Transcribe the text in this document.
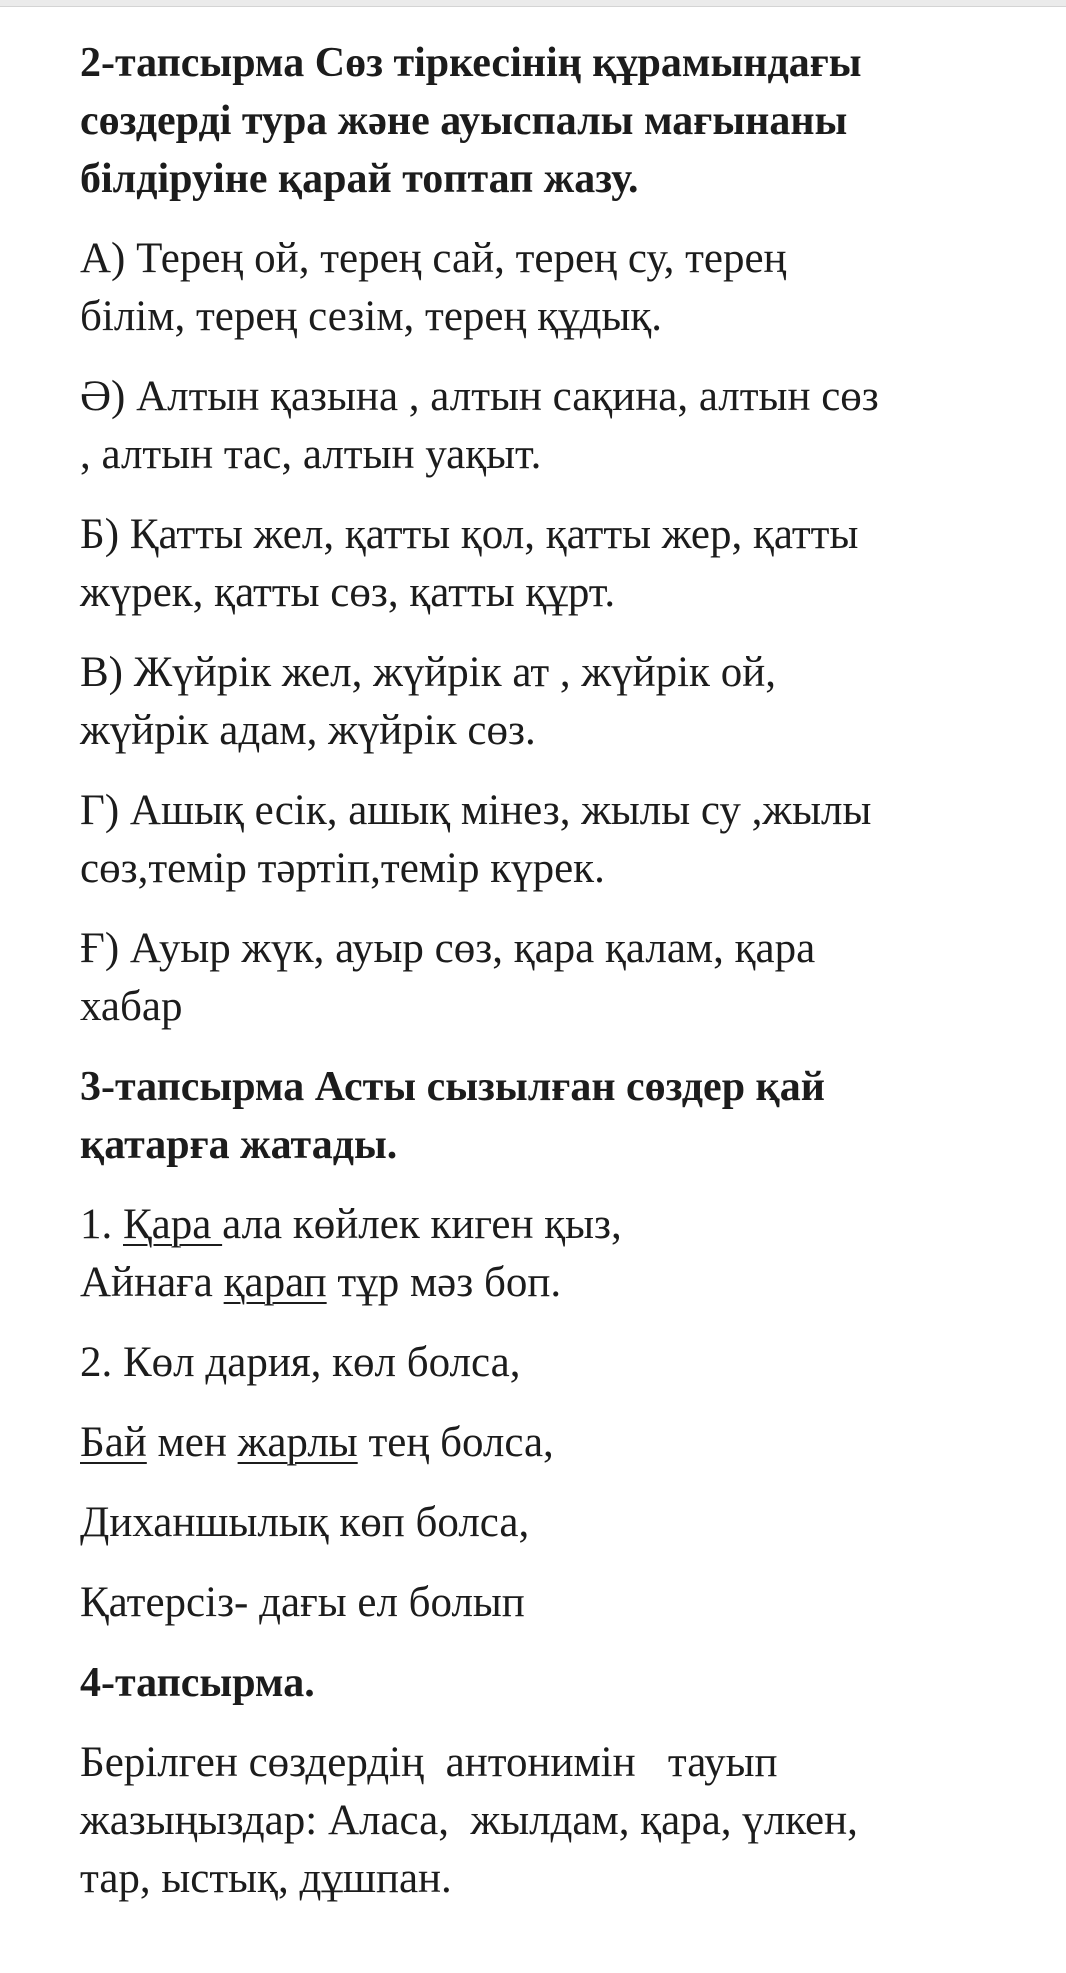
2-тапсырма Сөз тіркесінің құрамындағы
сөздерді тура және ауыспалы мағынаны
білдіруіне қарай топтап жазу.

А) Терең ой, терең сай, терең су, терең
білім, терең сезім, терең құдық.

Ә) Алтын қазына , алтын сақина, алтын сөз
, алтын тас, алтын уақыт.

Б) Қатты жел, қатты қол, қатты жер, қатты
жүрек, қатты сөз, қатты құрт.

В) Жүйрік жел, жүйрік ат , жүйрік ой,
жүйрік адам, жүйрік сөз.

Г) Ашық есік, ашық мінез, жылы су ,жылы
сөз,темір тәртіп,темір күрек.

Ғ) Ауыр жүк, ауыр сөз, қара қалам, қара
хабар

3-тапсырма Асты сызылған сөздер қай
қатарға жатады.

1. Қара ала көйлек киген қыз,
Айнаға қарап тұр мәз боп.

2. Көл дария, көл болса,

Бай мен жарлы тең болса,

Диханшылық көп болса,

Қатерсіз- дағы ел болып

4-тапсырма.

Берілген сөздердің  антонимін   тауып
жазыңыздар: Аласа,  жылдам, қара, үлкен,
тар, ыстық, дұшпан.
